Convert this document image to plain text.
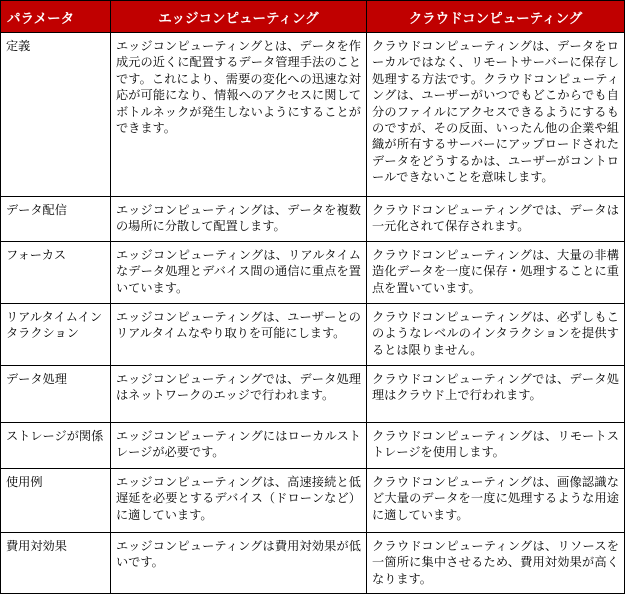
パラメータ	エッジコンピューティング	クラウドコンピューティング
定義	エッジコンピューティングとは、データを作成元の近くに配置するデータ管理手法のことです。これにより、需要の変化への迅速な対応が可能になり、情報へのアクセスに関してボトルネックが発生しないようにすることができます。	クラウドコンピューティングは、データをローカルではなく、リモートサーバーに保存し処理する方法です。クラウドコンピューティングは、ユーザーがいつでもどこからでも自分のファイルにアクセスできるようにするものですが、その反面、いったん他の企業や組織が所有するサーバーにアップロードされたデータをどうするかは、ユーザーがコントロールできないことを意味します。
データ配信	エッジコンピューティングは、データを複数の場所に分散して配置します。	クラウドコンピューティングでは、データは一元化されて保存されます。
フォーカス	エッジコンピューティングは、リアルタイムなデータ処理とデバイス間の通信に重点を置いています。	クラウドコンピューティングは、大量の非構造化データを一度に保存・処理することに重点を置いています。
リアルタイムインタラクション	エッジコンピューティングは、ユーザーとのリアルタイムなやり取りを可能にします。	クラウドコンピューティングは、必ずしもこのようなレベルのインタラクションを提供するとは限りません。
データ処理	エッジコンピューティングでは、データ処理はネットワークのエッジで行われます。	クラウドコンピューティングでは、データ処理はクラウド上で行われます。
ストレージが関係	エッジコンピューティングにはローカルストレージが必要です。	クラウドコンピューティングは、リモートストレージを使用します。
使用例	エッジコンピューティングは、高速接続と低遅延を必要とするデバイス（ドローンなど）に適しています。	クラウドコンピューティングは、画像認識など大量のデータを一度に処理するような用途に適しています。
費用対効果	エッジコンピューティングは費用対効果が低いです。	クラウドコンピューティングは、リソースを一箇所に集中させるため、費用対効果が高くなります。
